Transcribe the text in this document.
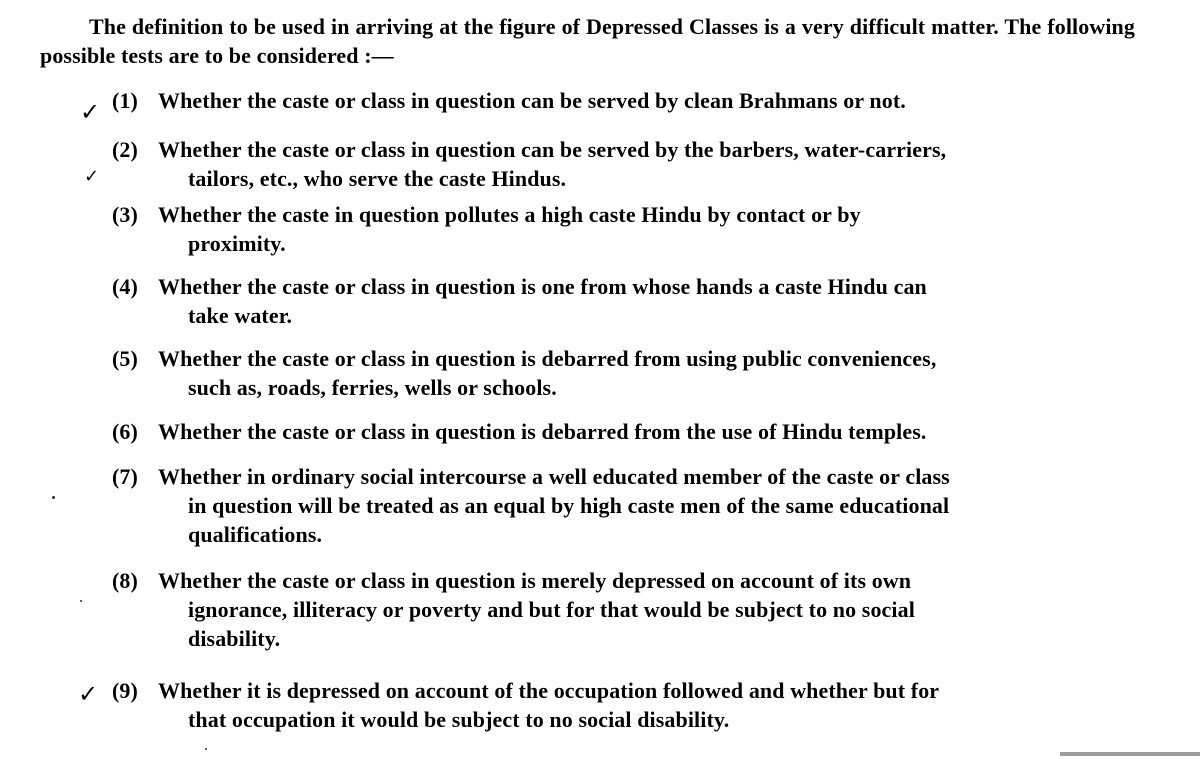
The definition to be used in arriving at the figure of Depressed Classes is a very difficult matter. The following possible tests are to be considered :—
✓
✓
✓
(1) Whether the caste or class in question can be served by clean Brahmans or not.
(2) Whether the caste or class in question can be served by the barbers, water-carriers,
tailors, etc., who serve the caste Hindus.
(3) Whether the caste in question pollutes a high caste Hindu by contact or by
proximity.
(4) Whether the caste or class in question is one from whose hands a caste Hindu can
take water.
(5) Whether the caste or class in question is debarred from using public conveniences,
such as, roads, ferries, wells or schools.
(6) Whether the caste or class in question is debarred from the use of Hindu temples.
(7) Whether in ordinary social intercourse a well educated member of the caste or class
in question will be treated as an equal by high caste men of the same educational
qualifications.
(8) Whether the caste or class in question is merely depressed on account of its own
ignorance, illiteracy or poverty and but for that would be subject to no social
disability.
(9) Whether it is depressed on account of the occupation followed and whether but for
that occupation it would be subject to no social disability.
